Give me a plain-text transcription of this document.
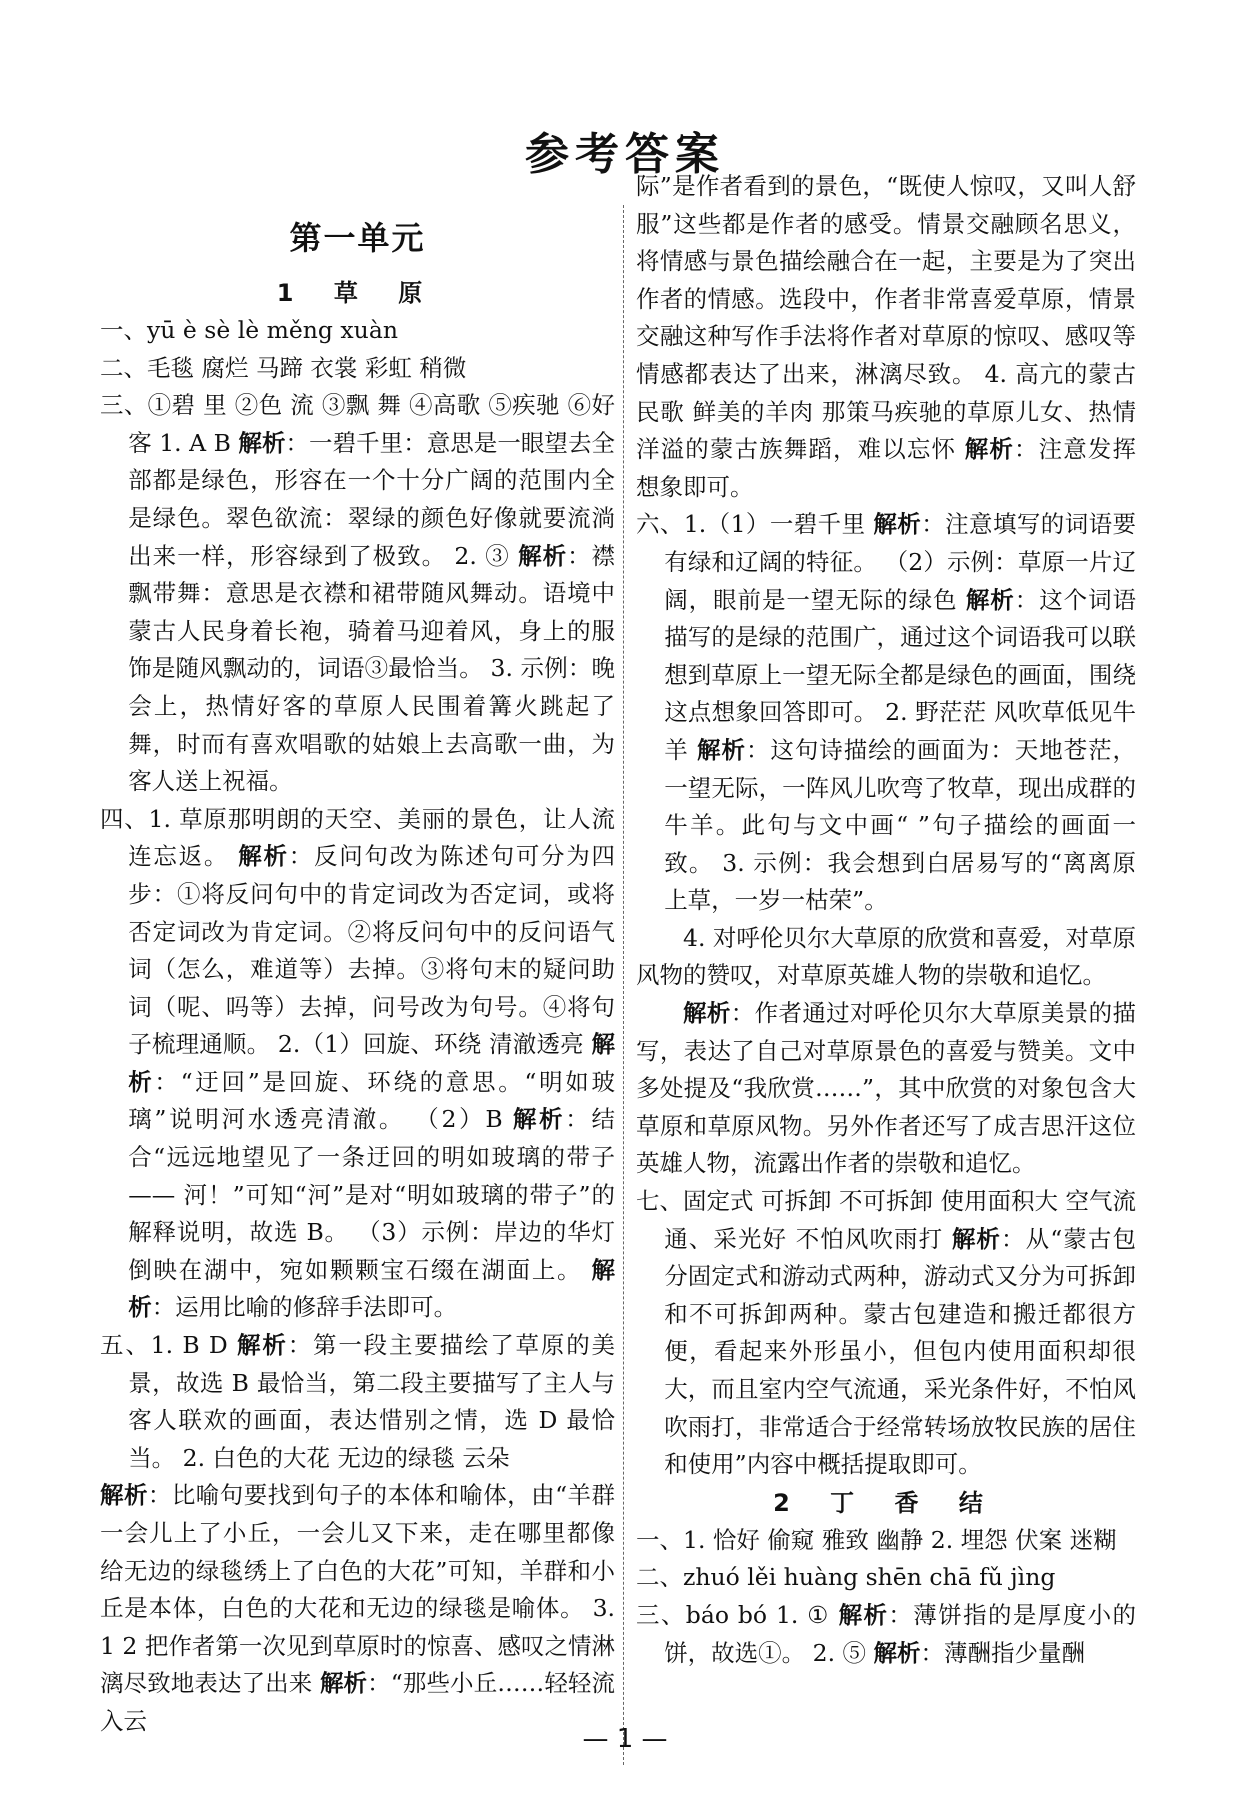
参考答案
第一单元
1 草 原
一、yū è sè lè měng xuàn
二、毛毯 腐烂 马蹄 衣裳 彩虹 稍微
三、①碧 里 ②色 流 ③飘 舞 ④高歌 ⑤疾驰 ⑥好客 1. A B 解析：一碧千里：意思是一眼望去全部都是绿色，形容在一个十分广阔的范围内全是绿色。翠色欲流：翠绿的颜色好像就要流淌出来一样，形容绿到了极致。 2. ③ 解析：襟飘带舞：意思是衣襟和裙带随风舞动。语境中蒙古人民身着长袍，骑着马迎着风，身上的服饰是随风飘动的，词语③最恰当。 3. 示例：晚会上，热情好客的草原人民围着篝火跳起了舞，时而有喜欢唱歌的姑娘上去高歌一曲，为客人送上祝福。
四、1. 草原那明朗的天空、美丽的景色，让人流连忘返。 解析：反问句改为陈述句可分为四步：①将反问句中的肯定词改为否定词，或将否定词改为肯定词。②将反问句中的反问语气词（怎么，难道等）去掉。③将句末的疑问助词（呢、吗等）去掉，问号改为句号。④将句子梳理通顺。 2.（1）回旋、环绕 清澈透亮 解析：“迂回”是回旋、环绕的意思。“明如玻璃”说明河水透亮清澈。 （2）B 解析：结合“远远地望见了一条迂回的明如玻璃的带子—— 河！”可知“河”是对“明如玻璃的带子”的解释说明，故选 B。 （3）示例：岸边的华灯倒映在湖中，宛如颗颗宝石缀在湖面上。 解析：运用比喻的修辞手法即可。
五、1. B D 解析：第一段主要描绘了草原的美景，故选 B 最恰当，第二段主要描写了主人与客人联欢的画面，表达惜别之情，选 D 最恰当。 2. 白色的大花 无边的绿毯 云朵
解析：比喻句要找到句子的本体和喻体，由“羊群一会儿上了小丘，一会儿又下来，走在哪里都像给无边的绿毯绣上了白色的大花”可知，羊群和小丘是本体，白色的大花和无边的绿毯是喻体。 3. 1 2 把作者第一次见到草原时的惊喜、感叹之情淋漓尽致地表达了出来 解析：“那些小丘……轻轻流入云
际”是作者看到的景色，“既使人惊叹，又叫人舒服”这些都是作者的感受。情景交融顾名思义，将情感与景色描绘融合在一起，主要是为了突出作者的情感。选段中，作者非常喜爱草原，情景交融这种写作手法将作者对草原的惊叹、感叹等情感都表达了出来，淋漓尽致。 4. 高亢的蒙古民歌 鲜美的羊肉 那策马疾驰的草原儿女、热情洋溢的蒙古族舞蹈，难以忘怀 解析：注意发挥想象即可。
六、1.（1）一碧千里 解析：注意填写的词语要有绿和辽阔的特征。 （2）示例：草原一片辽阔，眼前是一望无际的绿色 解析：这个词语描写的是绿的范围广，通过这个词语我可以联想到草原上一望无际全都是绿色的画面，围绕这点想象回答即可。 2. 野茫茫 风吹草低见牛羊 解析：这句诗描绘的画面为：天地苍茫，一望无际，一阵风儿吹弯了牧草，现出成群的牛羊。此句与文中画“ ”句子描绘的画面一致。 3. 示例：我会想到白居易写的“离离原上草，一岁一枯荣”。
4. 对呼伦贝尔大草原的欣赏和喜爱，对草原风物的赞叹，对草原英雄人物的崇敬和追忆。
解析：作者通过对呼伦贝尔大草原美景的描写，表达了自己对草原景色的喜爱与赞美。文中多处提及“我欣赏……”，其中欣赏的对象包含大草原和草原风物。另外作者还写了成吉思汗这位英雄人物，流露出作者的崇敬和追忆。
七、固定式 可拆卸 不可拆卸 使用面积大 空气流通、采光好 不怕风吹雨打 解析：从“蒙古包分固定式和游动式两种，游动式又分为可拆卸和不可拆卸两种。蒙古包建造和搬迁都很方便，看起来外形虽小，但包内使用面积却很大，而且室内空气流通，采光条件好，不怕风吹雨打，非常适合于经常转场放牧民族的居住和使用”内容中概括提取即可。
2 丁 香 结
一、1. 恰好 偷窥 雅致 幽静 2. 埋怨 伏案 迷糊
二、zhuó lěi huàng shēn chā fǔ jìng
三、báo bó 1. ① 解析：薄饼指的是厚度小的饼，故选①。 2. ⑤ 解析：薄酬指少量酬
— 1 —
